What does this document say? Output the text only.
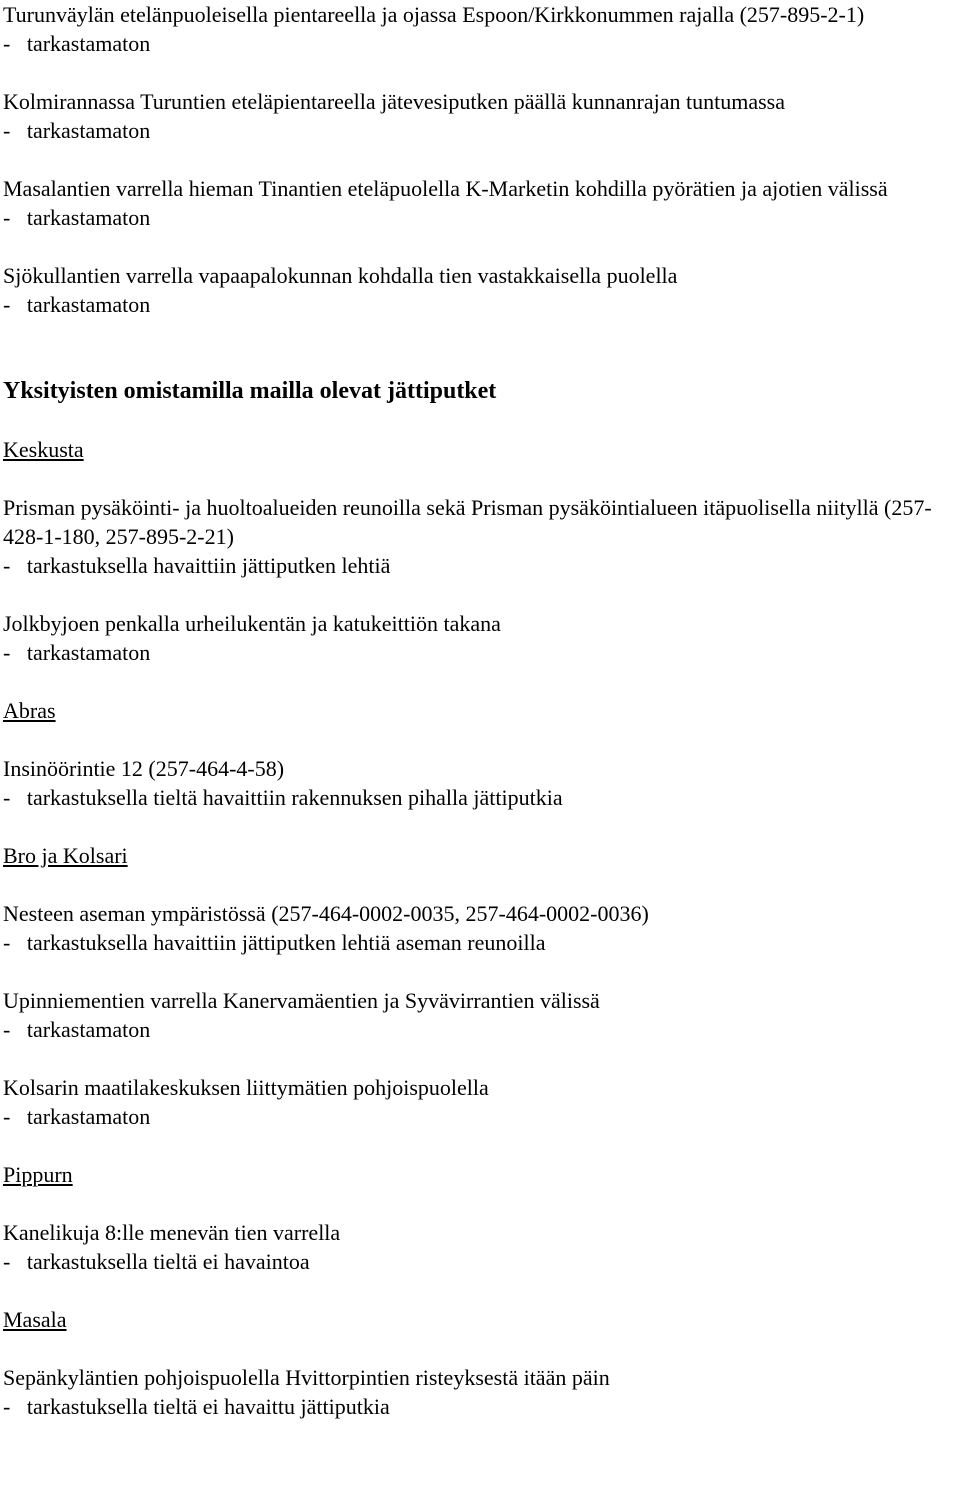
Turunväylän etelänpuoleisella pientareella ja ojassa Espoon/Kirkkonummen rajalla (257-895-2-1)

-   tarkastamaton

Kolmirannassa Turuntien eteläpientareella jätevesiputken päällä kunnanrajan tuntumassa

-   tarkastamaton

Masalantien varrella hieman Tinantien eteläpuolella K-Marketin kohdilla pyörätien ja ajotien välissä

-   tarkastamaton

Sjökullantien varrella vapaapalokunnan kohdalla tien vastakkaisella puolella

-   tarkastamaton

Yksityisten omistamilla mailla olevat jättiputket

Keskusta

Prisman pysäköinti- ja huoltoalueiden reunoilla sekä Prisman pysäköintialueen itäpuolisella niityllä (257-428-1-180, 257-895-2-21)

-   tarkastuksella havaittiin jättiputken lehtiä

Jolkbyjoen penkalla urheilukentän ja katukeittiön takana

-   tarkastamaton

Abras

Insinöörintie 12 (257-464-4-58)

-   tarkastuksella tieltä havaittiin rakennuksen pihalla jättiputkia

Bro ja Kolsari

Nesteen aseman ympäristössä (257-464-0002-0035, 257-464-0002-0036)

-   tarkastuksella havaittiin jättiputken lehtiä aseman reunoilla

Upinniementien varrella Kanervamäentien ja Syvävirrantien välissä

-   tarkastamaton

Kolsarin maatilakeskuksen liittymätien pohjoispuolella

-   tarkastamaton

Pippurn

Kanelikuja 8:lle menevän tien varrella

-   tarkastuksella tieltä ei havaintoa

Masala

Sepänkyläntien pohjoispuolella Hvittorpintien risteyksestä itään päin

-   tarkastuksella tieltä ei havaittu jättiputkia
